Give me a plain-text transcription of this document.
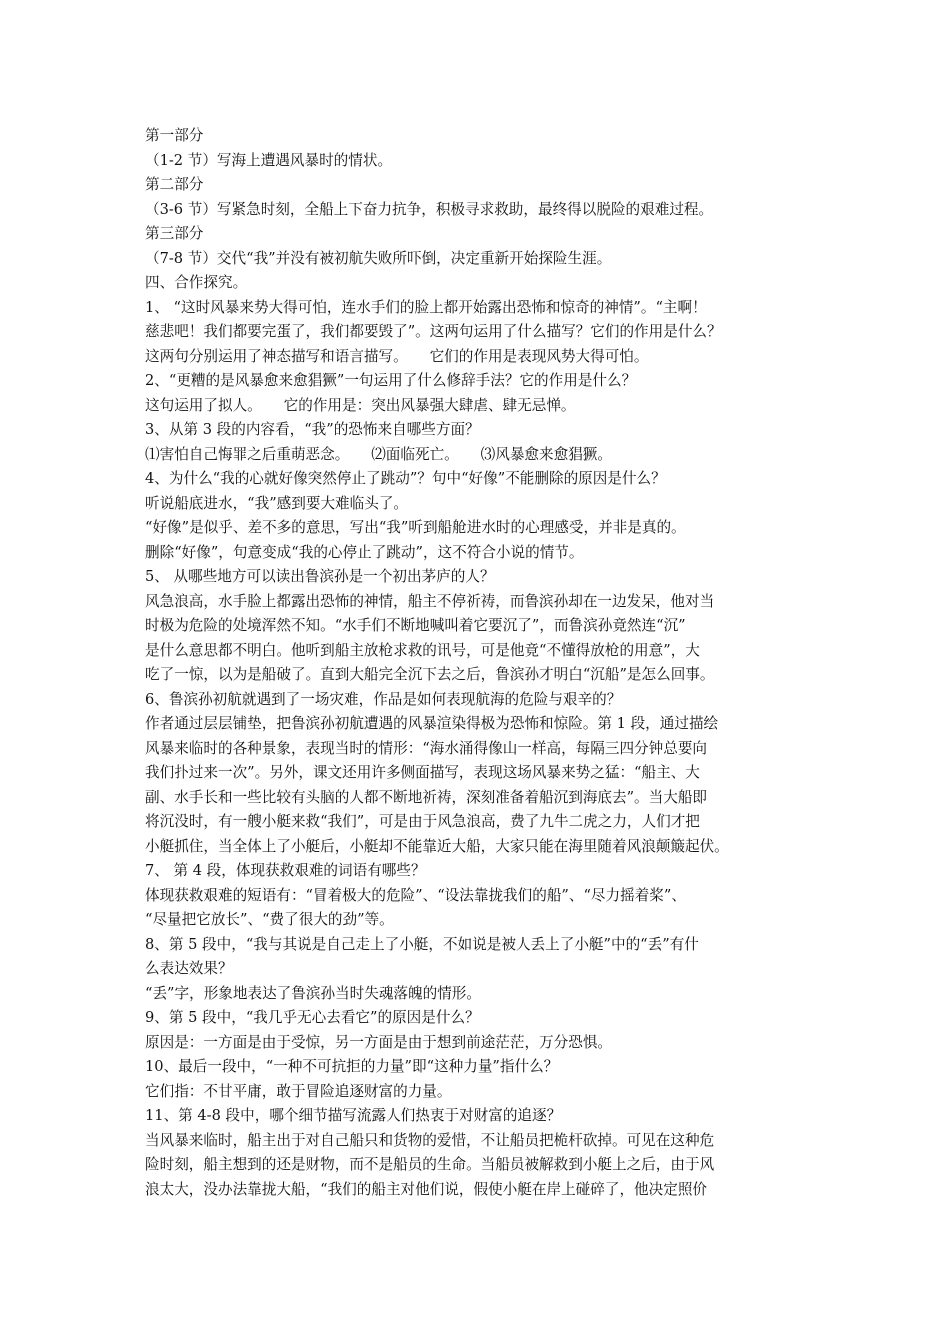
第一部分
（1-2 节）写海上遭遇风暴时的情状。
第二部分
（3-6 节）写紧急时刻，全船上下奋力抗争，积极寻求救助，最终得以脱险的艰难过程。
第三部分
（7-8 节）交代“我”并没有被初航失败所吓倒，决定重新开始探险生涯。
四、合作探究。
1、 “这时风暴来势大得可怕，连水手们的脸上都开始露出恐怖和惊奇的神情”。“主啊！
慈悲吧！我们都要完蛋了，我们都要毁了”。这两句运用了什么描写？它们的作用是什么？
这两句分别运用了神态描写和语言描写。　　它们的作用是表现风势大得可怕。
2、“更糟的是风暴愈来愈猖獗”一句运用了什么修辞手法？它的作用是什么？
这句运用了拟人。　　它的作用是：突出风暴强大肆虐、肆无忌惮。
3、从第 3 段的内容看，“我”的恐怖来自哪些方面？
⑴害怕自己悔罪之后重萌恶念。　　⑵面临死亡。　　⑶风暴愈来愈猖獗。
4、为什么“我的心就好像突然停止了跳动”？句中“好像”不能删除的原因是什么？
听说船底进水，“我”感到要大难临头了。
“好像”是似乎、差不多的意思，写出“我”听到船舱进水时的心理感受，并非是真的。
删除“好像”，句意变成“我的心停止了跳动”，这不符合小说的情节。
5、 从哪些地方可以读出鲁滨孙是一个初出茅庐的人？
风急浪高，水手脸上都露出恐怖的神情，船主不停祈祷，而鲁滨孙却在一边发呆，他对当
时极为危险的处境浑然不知。“水手们不断地喊叫着它要沉了”，而鲁滨孙竟然连“沉”
是什么意思都不明白。他听到船主放枪求救的讯号，可是他竟“不懂得放枪的用意”，大
吃了一惊，以为是船破了。直到大船完全沉下去之后，鲁滨孙才明白“沉船”是怎么回事。
6、鲁滨孙初航就遇到了一场灾难，作品是如何表现航海的危险与艰辛的？
作者通过层层铺垫，把鲁滨孙初航遭遇的风暴渲染得极为恐怖和惊险。第 1 段，通过描绘
风暴来临时的各种景象，表现当时的情形：“海水涌得像山一样高，每隔三四分钟总要向
我们扑过来一次”。另外，课文还用许多侧面描写，表现这场风暴来势之猛：“船主、大
副、水手长和一些比较有头脑的人都不断地祈祷，深刻准备着船沉到海底去”。当大船即
将沉没时，有一艘小艇来救“我们”，可是由于风急浪高，费了九牛二虎之力，人们才把
小艇抓住，当全体上了小艇后，小艇却不能靠近大船，大家只能在海里随着风浪颠簸起伏。
7、 第 4 段，体现获救艰难的词语有哪些？
体现获救艰难的短语有：“冒着极大的危险”、“设法靠拢我们的船”、“尽力摇着桨”、
“尽量把它放长”、“费了很大的劲”等。
8、第 5 段中，“我与其说是自己走上了小艇，不如说是被人丢上了小艇”中的“丢”有什
么表达效果？
“丢”字，形象地表达了鲁滨孙当时失魂落魄的情形。
9、第 5 段中，“我几乎无心去看它”的原因是什么？
原因是：一方面是由于受惊，另一方面是由于想到前途茫茫，万分恐惧。
10、最后一段中，“一种不可抗拒的力量”即“这种力量”指什么？
它们指：不甘平庸，敢于冒险追逐财富的力量。
11、第 4-8 段中，哪个细节描写流露人们热衷于对财富的追逐？
当风暴来临时，船主出于对自己船只和货物的爱惜，不让船员把桅杆砍掉。可见在这种危
险时刻，船主想到的还是财物，而不是船员的生命。当船员被解救到小艇上之后，由于风
浪太大，没办法靠拢大船，“我们的船主对他们说，假使小艇在岸上碰碎了，他决定照价
